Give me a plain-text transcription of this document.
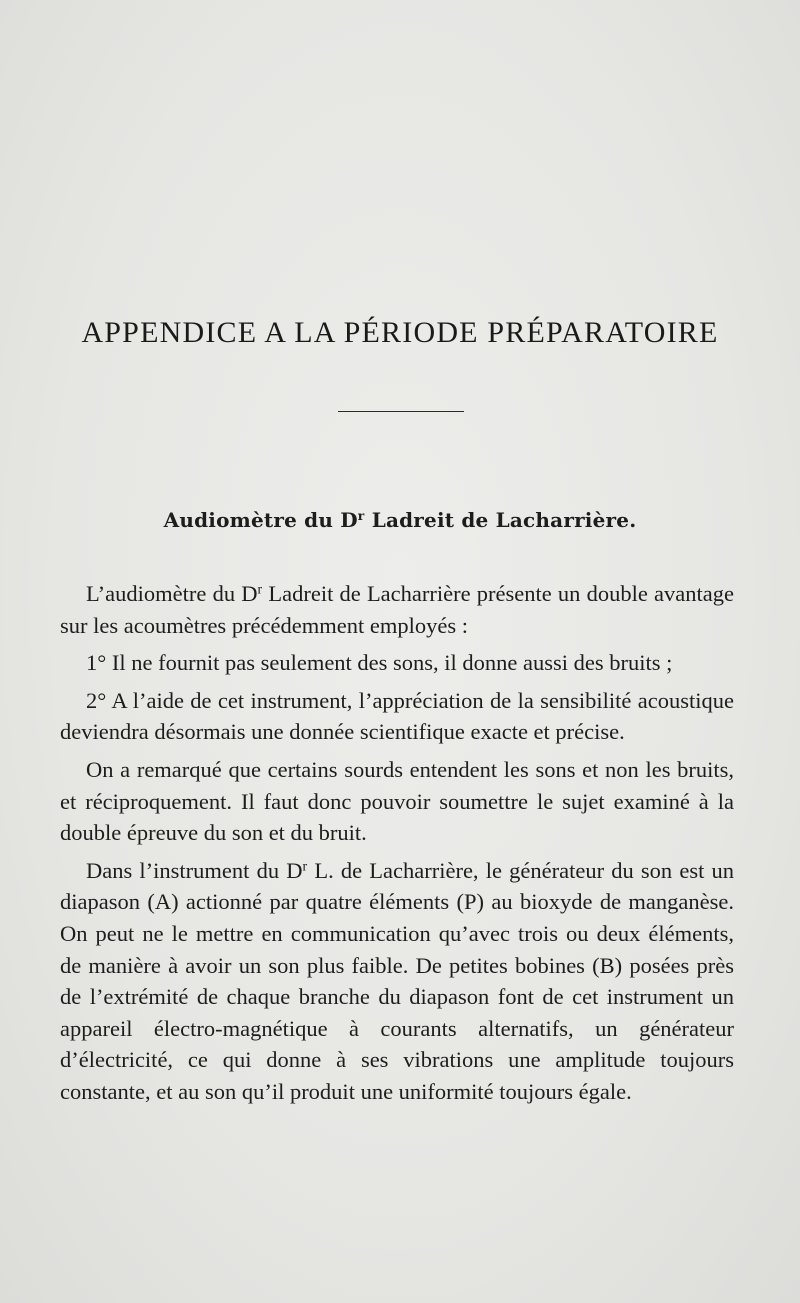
APPENDICE A LA PÉRIODE PRÉPARATOIRE
Audiomètre du $D^r$ Ladreit de Lacharrière.

L’audiomètre du $D^r$ Ladreit de Lacharrière présente un double avantage sur les acoumètres précédemment employés :

1° Il ne fournit pas seulement des sons, il donne aussi des bruits ;

2° A l’aide de cet instrument, l’appréciation de la sensibilité acoustique deviendra désormais une donnée scientifique exacte et précise.

On a remarqué que certains sourds entendent les sons et non les bruits, et réciproquement. Il faut donc pouvoir soumettre le sujet examiné à la double épreuve du son et du bruit.

Dans l’instrument du $D^r$ L. de Lacharrière, le générateur du son est un diapason (A) actionné par quatre éléments (P) au bioxyde de manganèse. On peut ne le mettre en communication qu’avec trois ou deux éléments, de manière à avoir un son plus faible. De petites bobines (B) posées près de l’extrémité de chaque branche du diapason font de cet instrument un appareil électro-magnétique à courants alternatifs, un générateur d’électricité, ce qui donne à ses vibrations une amplitude toujours constante, et au son qu’il produit une uniformité toujours égale.
